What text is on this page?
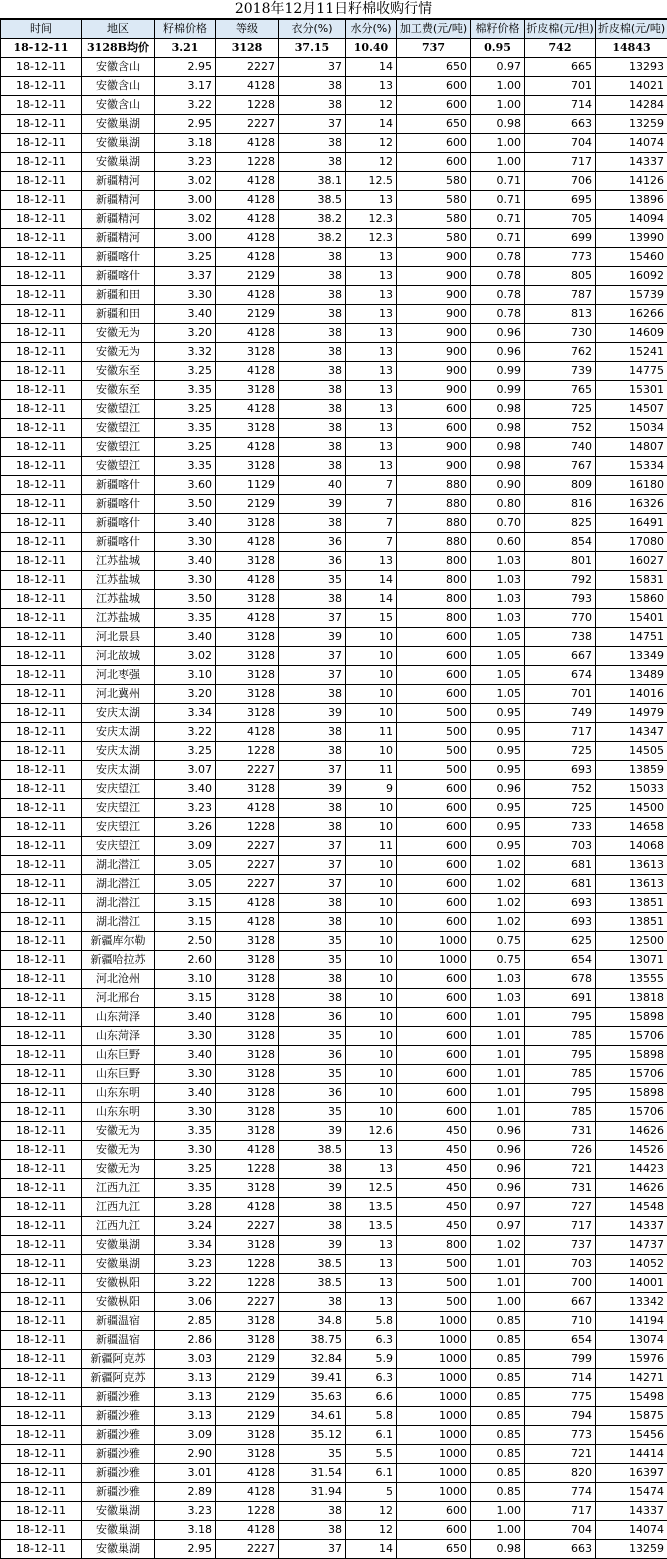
2018年12月11日籽棉收购行情
时间	地区	籽棉价格	等级	衣分(%)	水分(%)	加工费(元/吨)	棉籽价格	折皮棉(元/担)	折皮棉(元/吨)
18-12-11	3128B均价	3.21	3128	37.15	10.40	737	0.95	742	14843
18-12-11	安徽含山	2.95	2227	37	14	650	0.97	665	13293
18-12-11	安徽含山	3.17	4128	38	13	600	1.00	701	14021
18-12-11	安徽含山	3.22	1228	38	12	600	1.00	714	14284
18-12-11	安徽巢湖	2.95	2227	37	14	650	0.98	663	13259
18-12-11	安徽巢湖	3.18	4128	38	12	600	1.00	704	14074
18-12-11	安徽巢湖	3.23	1228	38	12	600	1.00	717	14337
18-12-11	新疆精河	3.02	4128	38.1	12.5	580	0.71	706	14126
18-12-11	新疆精河	3.00	4128	38.5	13	580	0.71	695	13896
18-12-11	新疆精河	3.02	4128	38.2	12.3	580	0.71	705	14094
18-12-11	新疆精河	3.00	4128	38.2	12.3	580	0.71	699	13990
18-12-11	新疆喀什	3.25	4128	38	13	900	0.78	773	15460
18-12-11	新疆喀什	3.37	2129	38	13	900	0.78	805	16092
18-12-11	新疆和田	3.30	4128	38	13	900	0.78	787	15739
18-12-11	新疆和田	3.40	2129	38	13	900	0.78	813	16266
18-12-11	安徽无为	3.20	4128	38	13	900	0.96	730	14609
18-12-11	安徽无为	3.32	3128	38	13	900	0.96	762	15241
18-12-11	安徽东至	3.25	4128	38	13	900	0.99	739	14775
18-12-11	安徽东至	3.35	3128	38	13	900	0.99	765	15301
18-12-11	安徽望江	3.25	4128	38	13	600	0.98	725	14507
18-12-11	安徽望江	3.35	3128	38	13	600	0.98	752	15034
18-12-11	安徽望江	3.25	4128	38	13	900	0.98	740	14807
18-12-11	安徽望江	3.35	3128	38	13	900	0.98	767	15334
18-12-11	新疆喀什	3.60	1129	40	7	880	0.90	809	16180
18-12-11	新疆喀什	3.50	2129	39	7	880	0.80	816	16326
18-12-11	新疆喀什	3.40	3128	38	7	880	0.70	825	16491
18-12-11	新疆喀什	3.30	4128	36	7	880	0.60	854	17080
18-12-11	江苏盐城	3.40	3128	36	13	800	1.03	801	16027
18-12-11	江苏盐城	3.30	4128	35	14	800	1.03	792	15831
18-12-11	江苏盐城	3.50	3128	38	14	800	1.03	793	15860
18-12-11	江苏盐城	3.35	4128	37	15	800	1.03	770	15401
18-12-11	河北景县	3.40	3128	39	10	600	1.05	738	14751
18-12-11	河北故城	3.02	3128	37	10	600	1.05	667	13349
18-12-11	河北枣强	3.10	3128	37	10	600	1.05	674	13489
18-12-11	河北冀州	3.20	3128	38	10	600	1.05	701	14016
18-12-11	安庆太湖	3.34	3128	39	10	500	0.95	749	14979
18-12-11	安庆太湖	3.22	4128	38	11	500	0.95	717	14347
18-12-11	安庆太湖	3.25	1228	38	10	500	0.95	725	14505
18-12-11	安庆太湖	3.07	2227	37	11	500	0.95	693	13859
18-12-11	安庆望江	3.40	3128	39	9	600	0.96	752	15033
18-12-11	安庆望江	3.23	4128	38	10	600	0.95	725	14500
18-12-11	安庆望江	3.26	1228	38	10	600	0.95	733	14658
18-12-11	安庆望江	3.09	2227	37	11	600	0.95	703	14068
18-12-11	湖北潜江	3.05	2227	37	10	600	1.02	681	13613
18-12-11	湖北潜江	3.05	2227	37	10	600	1.02	681	13613
18-12-11	湖北潜江	3.15	4128	38	10	600	1.02	693	13851
18-12-11	湖北潜江	3.15	4128	38	10	600	1.02	693	13851
18-12-11	新疆库尔勒	2.50	3128	35	10	1000	0.75	625	12500
18-12-11	新疆哈拉苏	2.60	3128	35	10	1000	0.75	654	13071
18-12-11	河北沧州	3.10	3128	38	10	600	1.03	678	13555
18-12-11	河北邢台	3.15	3128	38	10	600	1.03	691	13818
18-12-11	山东菏泽	3.40	3128	36	10	600	1.01	795	15898
18-12-11	山东菏泽	3.30	3128	35	10	600	1.01	785	15706
18-12-11	山东巨野	3.40	3128	36	10	600	1.01	795	15898
18-12-11	山东巨野	3.30	3128	35	10	600	1.01	785	15706
18-12-11	山东东明	3.40	3128	36	10	600	1.01	795	15898
18-12-11	山东东明	3.30	3128	35	10	600	1.01	785	15706
18-12-11	安徽无为	3.35	3128	39	12.6	450	0.96	731	14626
18-12-11	安徽无为	3.30	4128	38.5	13	450	0.96	726	14526
18-12-11	安徽无为	3.25	1228	38	13	450	0.96	721	14423
18-12-11	江西九江	3.35	3128	39	12.5	450	0.96	731	14626
18-12-11	江西九江	3.28	4128	38	13.5	450	0.97	727	14548
18-12-11	江西九江	3.24	2227	38	13.5	450	0.97	717	14337
18-12-11	安徽巢湖	3.34	3128	39	13	800	1.02	737	14737
18-12-11	安徽巢湖	3.23	1228	38.5	13	500	1.01	703	14052
18-12-11	安徽枞阳	3.22	1228	38.5	13	500	1.01	700	14001
18-12-11	安徽枞阳	3.06	2227	38	13	500	1.00	667	13342
18-12-11	新疆温宿	2.85	3128	34.8	5.8	1000	0.85	710	14194
18-12-11	新疆温宿	2.86	3128	38.75	6.3	1000	0.85	654	13074
18-12-11	新疆阿克苏	3.03	2129	32.84	5.9	1000	0.85	799	15976
18-12-11	新疆阿克苏	3.13	2129	39.41	6.3	1000	0.85	714	14271
18-12-11	新疆沙雅	3.13	2129	35.63	6.6	1000	0.85	775	15498
18-12-11	新疆沙雅	3.13	2129	34.61	5.8	1000	0.85	794	15875
18-12-11	新疆沙雅	3.09	3128	35.12	6.1	1000	0.85	773	15456
18-12-11	新疆沙雅	2.90	3128	35	5.5	1000	0.85	721	14414
18-12-11	新疆沙雅	3.01	4128	31.54	6.1	1000	0.85	820	16397
18-12-11	新疆沙雅	2.89	4128	31.94	5	1000	0.85	774	15474
18-12-11	安徽巢湖	3.23	1228	38	12	600	1.00	717	14337
18-12-11	安徽巢湖	3.18	4128	38	12	600	1.00	704	14074
18-12-11	安徽巢湖	2.95	2227	37	14	650	0.98	663	13259
